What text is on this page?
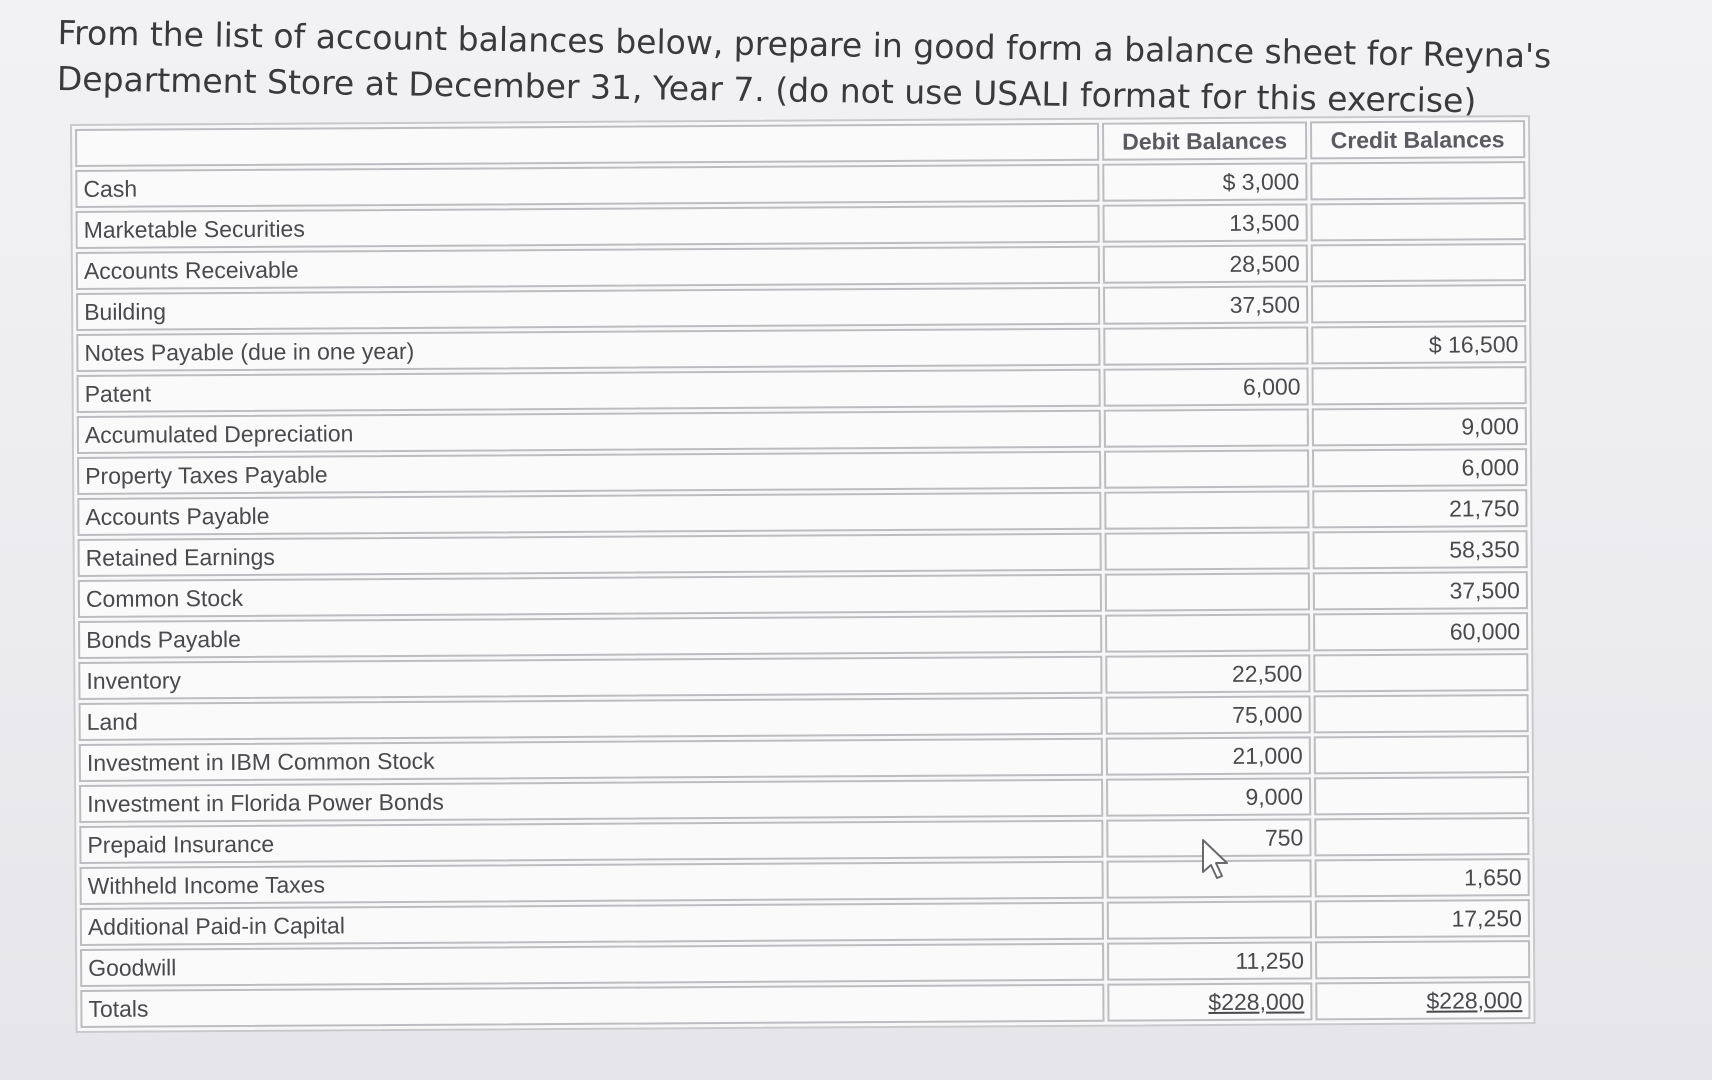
From the list of account balances below, prepare in good form a balance sheet for Reyna's
Department Store at December 31, Year 7. (do not use USALI format for this exercise)
	Debit Balances	Credit Balances
Cash	$ 3,000	
Marketable Securities	13,500	
Accounts Receivable	28,500	
Building	37,500	
Notes Payable (due in one year)		$ 16,500
Patent	6,000	
Accumulated Depreciation		9,000
Property Taxes Payable		6,000
Accounts Payable		21,750
Retained Earnings		58,350
Common Stock		37,500
Bonds Payable		60,000
Inventory	22,500	
Land	75,000	
Investment in IBM Common Stock	21,000	
Investment in Florida Power Bonds	9,000	
Prepaid Insurance	750	
Withheld Income Taxes		1,650
Additional Paid-in Capital		17,250
Goodwill	11,250	
Totals	$228,000	$228,000
